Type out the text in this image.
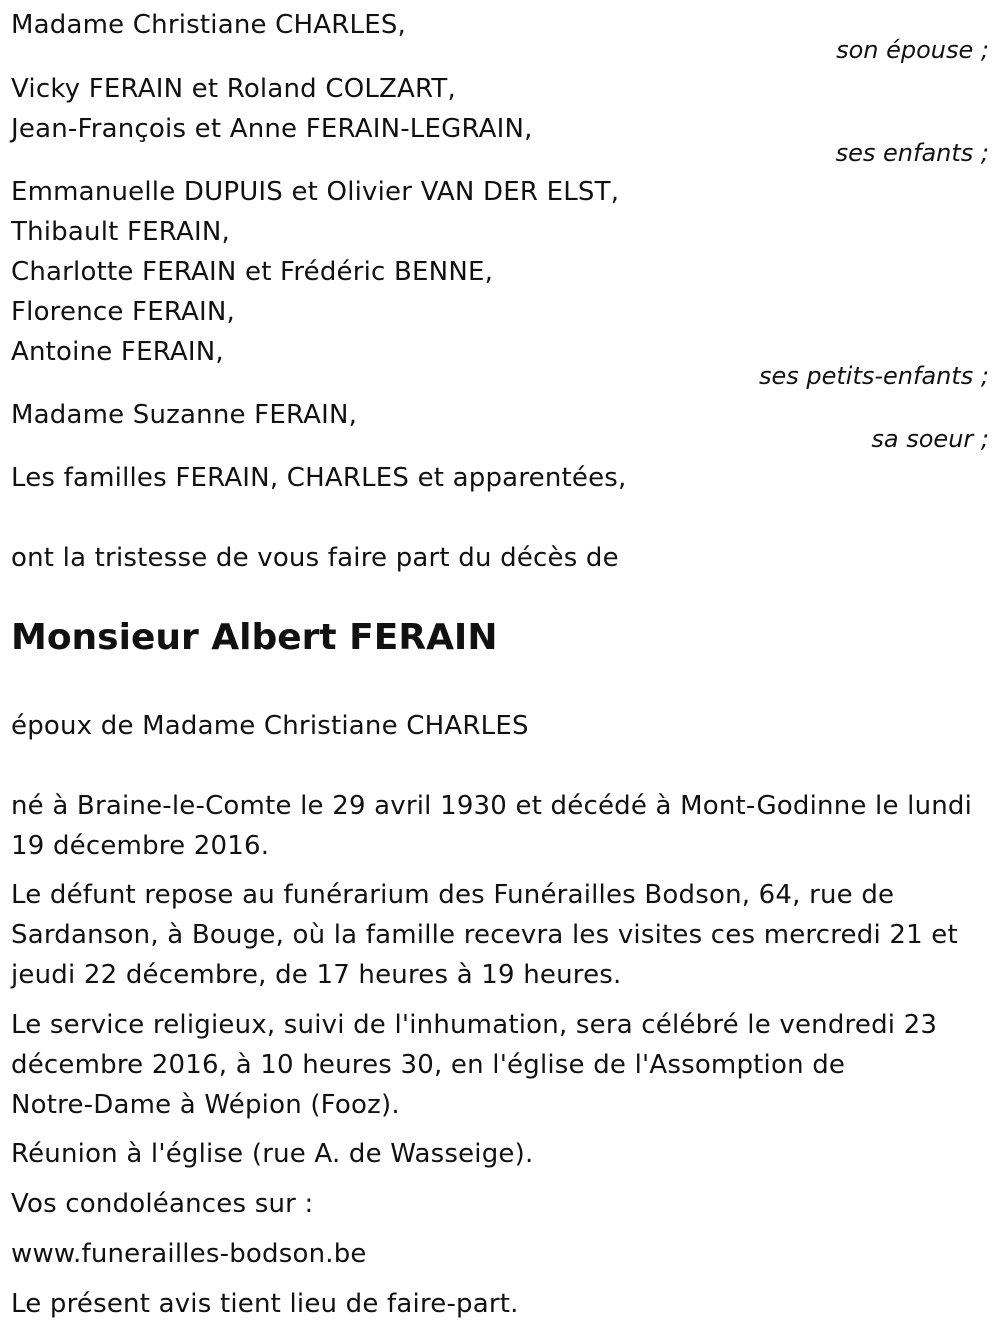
Madame Christiane CHARLES,
son épouse ;
Vicky FERAIN et Roland COLZART,
Jean-François et Anne FERAIN-LEGRAIN,
ses enfants ;
Emmanuelle DUPUIS et Olivier VAN DER ELST,
Thibault FERAIN,
Charlotte FERAIN et Frédéric BENNE,
Florence FERAIN,
Antoine FERAIN,
ses petits-enfants ;
Madame Suzanne FERAIN,
sa soeur ;
Les familles FERAIN, CHARLES et apparentées,
ont la tristesse de vous faire part du décès de
Monsieur Albert FERAIN
époux de Madame Christiane CHARLES
né à Braine-le-Comte le 29 avril 1930 et décédé à Mont-Godinne le lundi
19 décembre 2016.
Le défunt repose au funérarium des Funérailles Bodson, 64, rue de
Sardanson, à Bouge, où la famille recevra les visites ces mercredi 21 et
jeudi 22 décembre, de 17 heures à 19 heures.
Le service religieux, suivi de l'inhumation, sera célébré le vendredi 23
décembre 2016, à 10 heures 30, en l'église de l'Assomption de
Notre-Dame à Wépion (Fooz).
Réunion à l'église (rue A. de Wasseige).
Vos condoléances sur :
www.funerailles-bodson.be
Le présent avis tient lieu de faire-part.
